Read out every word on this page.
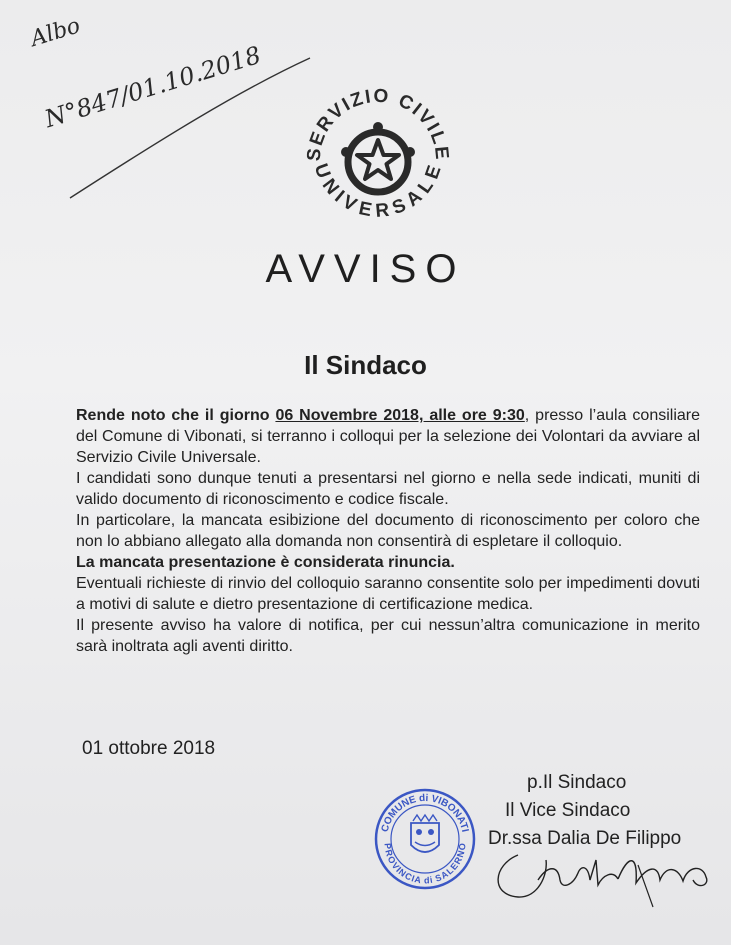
Albo
N°847/01.10.2018
SERVIZIO CIVILE
UNIVERSALE
AVVISO
Il Sindaco

Rende noto che il giorno 06 Novembre 2018, alle ore 9:30, presso l’aula consiliare del Comune di Vibonati, si terranno i colloqui per la selezione dei Volontari da avviare al Servizio Civile Universale.

I candidati sono dunque tenuti a presentarsi nel giorno e nella sede indicati, muniti di valido documento di riconoscimento e codice fiscale.

In particolare, la mancata esibizione del documento di riconoscimento per coloro che non lo abbiano allegato alla domanda non consentirà di espletare il colloquio.

La mancata presentazione è considerata rinuncia.

Eventuali richieste di rinvio del colloquio saranno consentite solo per impedimenti dovuti a motivi di salute e dietro presentazione di certificazione medica.

Il presente avviso ha valore di notifica, per cui nessun’altra comunicazione in merito sarà inoltrata agli aventi diritto.

01 ottobre 2018
p.Il Sindaco
Il Vice Sindaco
Dr.ssa Dalia De Filippo
COMUNE di VIBONATI
PROVINCIA di SALERNO
